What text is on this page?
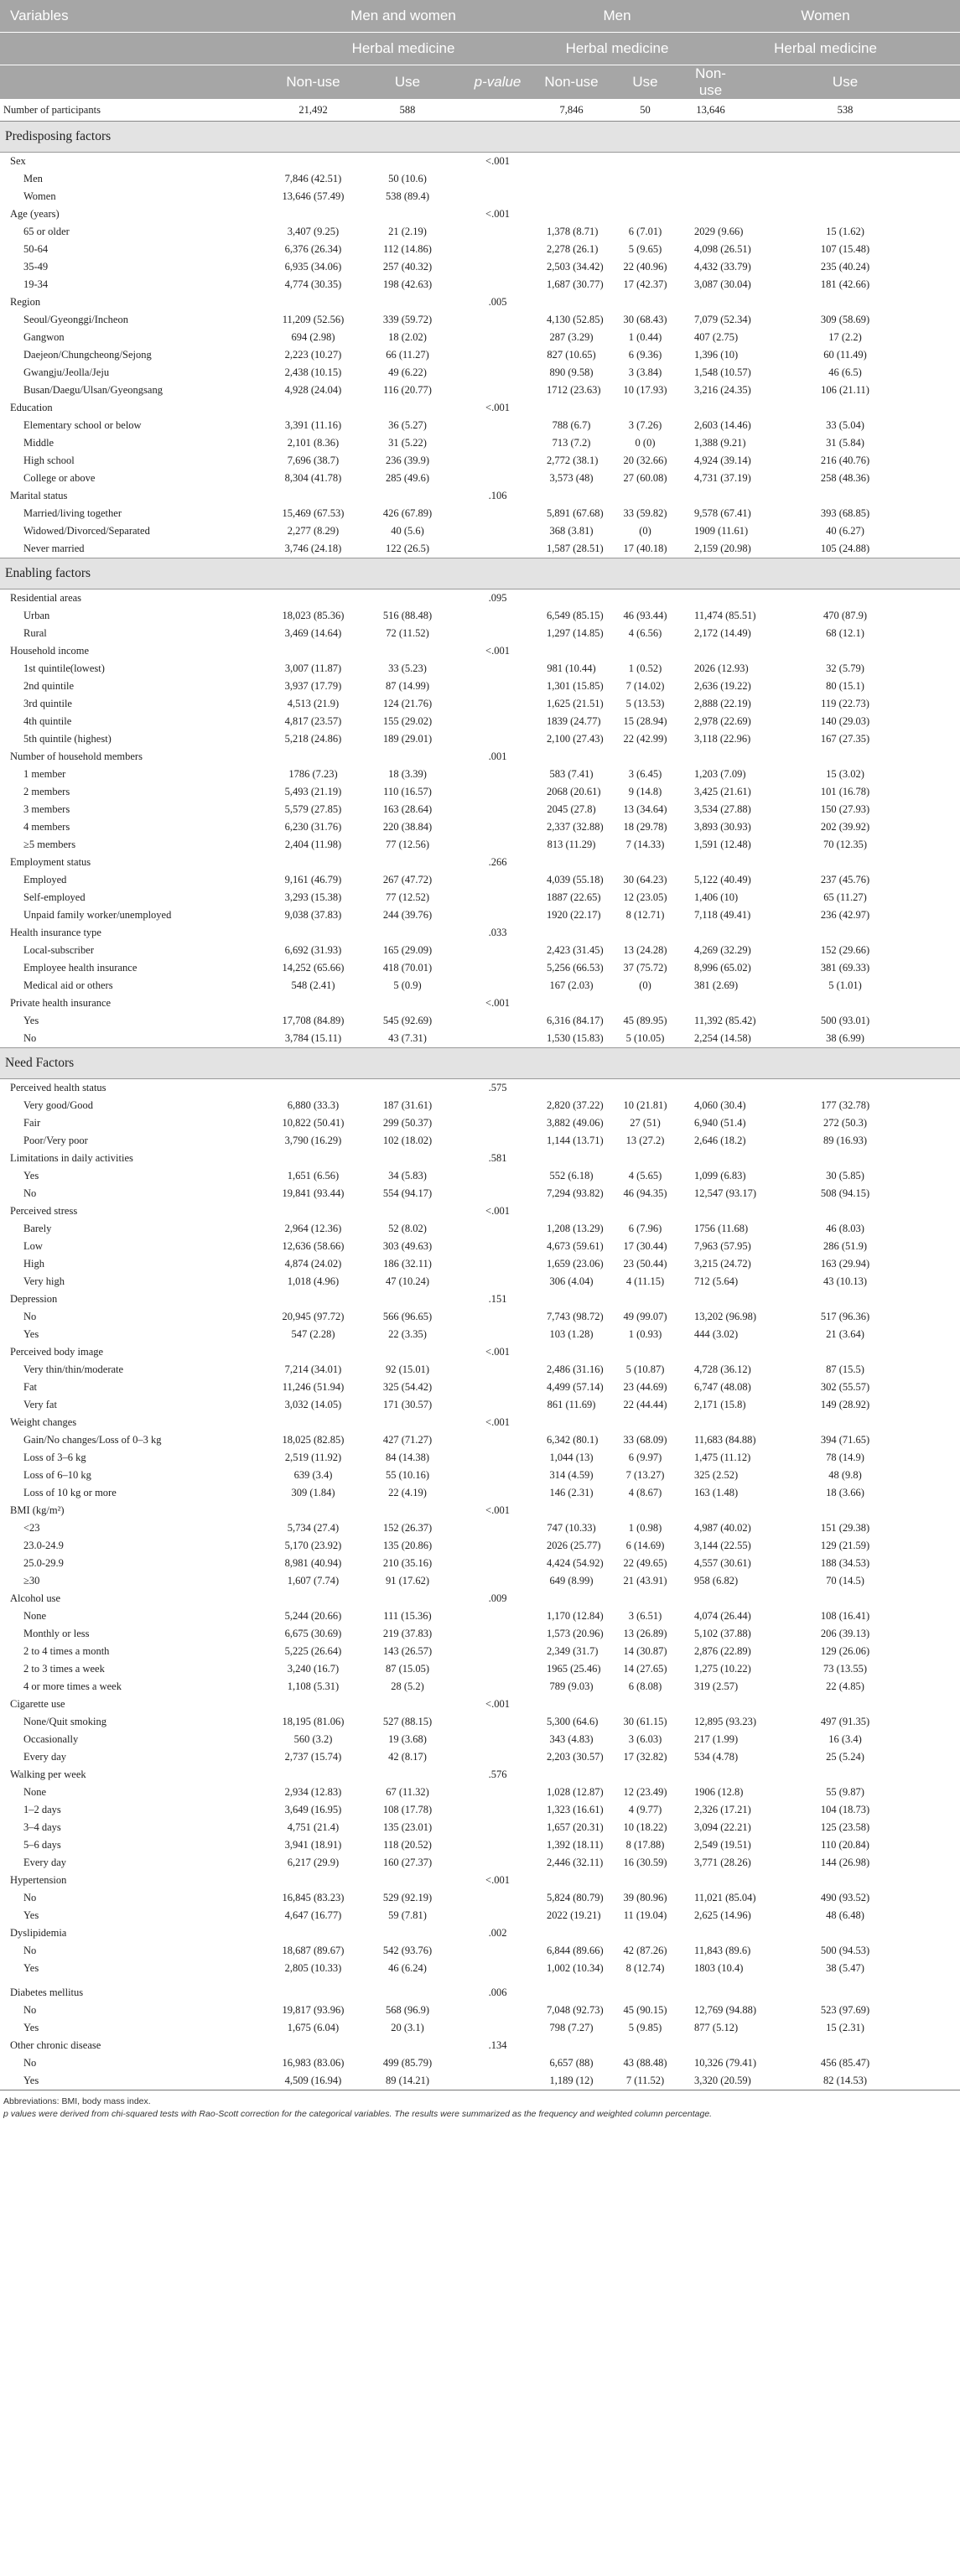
Variables	Men and women			Men		Women	
	Herbal medicine			Herbal medicine		Herbal medicine	
	Non-use	Use	p-value	Non-use	Use	Non-use	Use
Number of participants	21,492	588		7,846	50	13,646	538
Predisposing factors							
Sex			<.001				
Men	7,846 (42.51)	50 (10.6)					
Women	13,646 (57.49)	538 (89.4)					
Age (years)			<.001				
65 or older	3,407 (9.25)	21 (2.19)		1,378 (8.71)	6 (7.01)	2029 (9.66)	15 (1.62)
50-64	6,376 (26.34)	112 (14.86)		2,278 (26.1)	5 (9.65)	4,098 (26.51)	107 (15.48)
35-49	6,935 (34.06)	257 (40.32)		2,503 (34.42)	22 (40.96)	4,432 (33.79)	235 (40.24)
19-34	4,774 (30.35)	198 (42.63)		1,687 (30.77)	17 (42.37)	3,087 (30.04)	181 (42.66)
Region			.005				
Seoul/Gyeonggi/Incheon	11,209 (52.56)	339 (59.72)		4,130 (52.85)	30 (68.43)	7,079 (52.34)	309 (58.69)
Gangwon	694 (2.98)	18 (2.02)		287 (3.29)	1 (0.44)	407 (2.75)	17 (2.2)
Daejeon/Chungcheong/Sejong	2,223 (10.27)	66 (11.27)		827 (10.65)	6 (9.36)	1,396 (10)	60 (11.49)
Gwangju/Jeolla/Jeju	2,438 (10.15)	49 (6.22)		890 (9.58)	3 (3.84)	1,548 (10.57)	46 (6.5)
Busan/Daegu/Ulsan/Gyeongsang	4,928 (24.04)	116 (20.77)		1712 (23.63)	10 (17.93)	3,216 (24.35)	106 (21.11)
Education			<.001				
Elementary school or below	3,391 (11.16)	36 (5.27)		788 (6.7)	3 (7.26)	2,603 (14.46)	33 (5.04)
Middle	2,101 (8.36)	31 (5.22)		713 (7.2)	0 (0)	1,388 (9.21)	31 (5.84)
High school	7,696 (38.7)	236 (39.9)		2,772 (38.1)	20 (32.66)	4,924 (39.14)	216 (40.76)
College or above	8,304 (41.78)	285 (49.6)		3,573 (48)	27 (60.08)	4,731 (37.19)	258 (48.36)
Marital status			.106				
Married/living together	15,469 (67.53)	426 (67.89)		5,891 (67.68)	33 (59.82)	9,578 (67.41)	393 (68.85)
Widowed/Divorced/Separated	2,277 (8.29)	40 (5.6)		368 (3.81)	(0)	1909 (11.61)	40 (6.27)
Never married	3,746 (24.18)	122 (26.5)		1,587 (28.51)	17 (40.18)	2,159 (20.98)	105 (24.88)
Enabling factors							
Residential areas			.095				
Urban	18,023 (85.36)	516 (88.48)		6,549 (85.15)	46 (93.44)	11,474 (85.51)	470 (87.9)
Rural	3,469 (14.64)	72 (11.52)		1,297 (14.85)	4 (6.56)	2,172 (14.49)	68 (12.1)
Household income			<.001				
1st quintile(lowest)	3,007 (11.87)	33 (5.23)		981 (10.44)	1 (0.52)	2026 (12.93)	32 (5.79)
2nd quintile	3,937 (17.79)	87 (14.99)		1,301 (15.85)	7 (14.02)	2,636 (19.22)	80 (15.1)
3rd quintile	4,513 (21.9)	124 (21.76)		1,625 (21.51)	5 (13.53)	2,888 (22.19)	119 (22.73)
4th quintile	4,817 (23.57)	155 (29.02)		1839 (24.77)	15 (28.94)	2,978 (22.69)	140 (29.03)
5th quintile (highest)	5,218 (24.86)	189 (29.01)		2,100 (27.43)	22 (42.99)	3,118 (22.96)	167 (27.35)
Number of household members			.001				
1 member	1786 (7.23)	18 (3.39)		583 (7.41)	3 (6.45)	1,203 (7.09)	15 (3.02)
2 members	5,493 (21.19)	110 (16.57)		2068 (20.61)	9 (14.8)	3,425 (21.61)	101 (16.78)
3 members	5,579 (27.85)	163 (28.64)		2045 (27.8)	13 (34.64)	3,534 (27.88)	150 (27.93)
4 members	6,230 (31.76)	220 (38.84)		2,337 (32.88)	18 (29.78)	3,893 (30.93)	202 (39.92)
≥5 members	2,404 (11.98)	77 (12.56)		813 (11.29)	7 (14.33)	1,591 (12.48)	70 (12.35)
Employment status			.266				
Employed	9,161 (46.79)	267 (47.72)		4,039 (55.18)	30 (64.23)	5,122 (40.49)	237 (45.76)
Self-employed	3,293 (15.38)	77 (12.52)		1887 (22.65)	12 (23.05)	1,406 (10)	65 (11.27)
Unpaid family worker/unemployed	9,038 (37.83)	244 (39.76)		1920 (22.17)	8 (12.71)	7,118 (49.41)	236 (42.97)
Health insurance type			.033				
Local-subscriber	6,692 (31.93)	165 (29.09)		2,423 (31.45)	13 (24.28)	4,269 (32.29)	152 (29.66)
Employee health insurance	14,252 (65.66)	418 (70.01)		5,256 (66.53)	37 (75.72)	8,996 (65.02)	381 (69.33)
Medical aid or others	548 (2.41)	5 (0.9)		167 (2.03)	(0)	381 (2.69)	5 (1.01)
Private health insurance			<.001				
Yes	17,708 (84.89)	545 (92.69)		6,316 (84.17)	45 (89.95)	11,392 (85.42)	500 (93.01)
No	3,784 (15.11)	43 (7.31)		1,530 (15.83)	5 (10.05)	2,254 (14.58)	38 (6.99)
Need Factors							
Perceived health status			.575				
Very good/Good	6,880 (33.3)	187 (31.61)		2,820 (37.22)	10 (21.81)	4,060 (30.4)	177 (32.78)
Fair	10,822 (50.41)	299 (50.37)		3,882 (49.06)	27 (51)	6,940 (51.4)	272 (50.3)
Poor/Very poor	3,790 (16.29)	102 (18.02)		1,144 (13.71)	13 (27.2)	2,646 (18.2)	89 (16.93)
Limitations in daily activities			.581				
Yes	1,651 (6.56)	34 (5.83)		552 (6.18)	4 (5.65)	1,099 (6.83)	30 (5.85)
No	19,841 (93.44)	554 (94.17)		7,294 (93.82)	46 (94.35)	12,547 (93.17)	508 (94.15)
Perceived stress			<.001				
Barely	2,964 (12.36)	52 (8.02)		1,208 (13.29)	6 (7.96)	1756 (11.68)	46 (8.03)
Low	12,636 (58.66)	303 (49.63)		4,673 (59.61)	17 (30.44)	7,963 (57.95)	286 (51.9)
High	4,874 (24.02)	186 (32.11)		1,659 (23.06)	23 (50.44)	3,215 (24.72)	163 (29.94)
Very high	1,018 (4.96)	47 (10.24)		306 (4.04)	4 (11.15)	712 (5.64)	43 (10.13)
Depression			.151				
No	20,945 (97.72)	566 (96.65)		7,743 (98.72)	49 (99.07)	13,202 (96.98)	517 (96.36)
Yes	547 (2.28)	22 (3.35)		103 (1.28)	1 (0.93)	444 (3.02)	21 (3.64)
Perceived body image			<.001				
Very thin/thin/moderate	7,214 (34.01)	92 (15.01)		2,486 (31.16)	5 (10.87)	4,728 (36.12)	87 (15.5)
Fat	11,246 (51.94)	325 (54.42)		4,499 (57.14)	23 (44.69)	6,747 (48.08)	302 (55.57)
Very fat	3,032 (14.05)	171 (30.57)		861 (11.69)	22 (44.44)	2,171 (15.8)	149 (28.92)
Weight changes			<.001				
Gain/No changes/Loss of 0–3 kg	18,025 (82.85)	427 (71.27)		6,342 (80.1)	33 (68.09)	11,683 (84.88)	394 (71.65)
Loss of 3–6 kg	2,519 (11.92)	84 (14.38)		1,044 (13)	6 (9.97)	1,475 (11.12)	78 (14.9)
Loss of 6–10 kg	639 (3.4)	55 (10.16)		314 (4.59)	7 (13.27)	325 (2.52)	48 (9.8)
Loss of 10 kg or more	309 (1.84)	22 (4.19)		146 (2.31)	4 (8.67)	163 (1.48)	18 (3.66)
BMI (kg/m²)			<.001				
<23	5,734 (27.4)	152 (26.37)		747 (10.33)	1 (0.98)	4,987 (40.02)	151 (29.38)
23.0-24.9	5,170 (23.92)	135 (20.86)		2026 (25.77)	6 (14.69)	3,144 (22.55)	129 (21.59)
25.0-29.9	8,981 (40.94)	210 (35.16)		4,424 (54.92)	22 (49.65)	4,557 (30.61)	188 (34.53)
≥30	1,607 (7.74)	91 (17.62)		649 (8.99)	21 (43.91)	958 (6.82)	70 (14.5)
Alcohol use			.009				
None	5,244 (20.66)	111 (15.36)		1,170 (12.84)	3 (6.51)	4,074 (26.44)	108 (16.41)
Monthly or less	6,675 (30.69)	219 (37.83)		1,573 (20.96)	13 (26.89)	5,102 (37.88)	206 (39.13)
2 to 4 times a month	5,225 (26.64)	143 (26.57)		2,349 (31.7)	14 (30.87)	2,876 (22.89)	129 (26.06)
2 to 3 times a week	3,240 (16.7)	87 (15.05)		1965 (25.46)	14 (27.65)	1,275 (10.22)	73 (13.55)
4 or more times a week	1,108 (5.31)	28 (5.2)		789 (9.03)	6 (8.08)	319 (2.57)	22 (4.85)
Cigarette use			<.001				
None/Quit smoking	18,195 (81.06)	527 (88.15)		5,300 (64.6)	30 (61.15)	12,895 (93.23)	497 (91.35)
Occasionally	560 (3.2)	19 (3.68)		343 (4.83)	3 (6.03)	217 (1.99)	16 (3.4)
Every day	2,737 (15.74)	42 (8.17)		2,203 (30.57)	17 (32.82)	534 (4.78)	25 (5.24)
Walking per week			.576				
None	2,934 (12.83)	67 (11.32)		1,028 (12.87)	12 (23.49)	1906 (12.8)	55 (9.87)
1–2 days	3,649 (16.95)	108 (17.78)		1,323 (16.61)	4 (9.77)	2,326 (17.21)	104 (18.73)
3–4 days	4,751 (21.4)	135 (23.01)		1,657 (20.31)	10 (18.22)	3,094 (22.21)	125 (23.58)
5–6 days	3,941 (18.91)	118 (20.52)		1,392 (18.11)	8 (17.88)	2,549 (19.51)	110 (20.84)
Every day	6,217 (29.9)	160 (27.37)		2,446 (32.11)	16 (30.59)	3,771 (28.26)	144 (26.98)
Hypertension			<.001				
No	16,845 (83.23)	529 (92.19)		5,824 (80.79)	39 (80.96)	11,021 (85.04)	490 (93.52)
Yes	4,647 (16.77)	59 (7.81)		2022 (19.21)	11 (19.04)	2,625 (14.96)	48 (6.48)
Dyslipidemia			.002				
No	18,687 (89.67)	542 (93.76)		6,844 (89.66)	42 (87.26)	11,843 (89.6)	500 (94.53)
Yes	2,805 (10.33)	46 (6.24)		1,002 (10.34)	8 (12.74)	1803 (10.4)	38 (5.47)

Diabetes mellitus			.006				
No	19,817 (93.96)	568 (96.9)		7,048 (92.73)	45 (90.15)	12,769 (94.88)	523 (97.69)
Yes	1,675 (6.04)	20 (3.1)		798 (7.27)	5 (9.85)	877 (5.12)	15 (2.31)
Other chronic disease			.134				
No	16,983 (83.06)	499 (85.79)		6,657 (88)	43 (88.48)	10,326 (79.41)	456 (85.47)
Yes	4,509 (16.94)	89 (14.21)		1,189 (12)	7 (11.52)	3,320 (20.59)	82 (14.53)
Abbreviations: BMI, body mass index.
p values were derived from chi-squared tests with Rao-Scott correction for the categorical variables. The results were summarized as the frequency and weighted column percentage.
